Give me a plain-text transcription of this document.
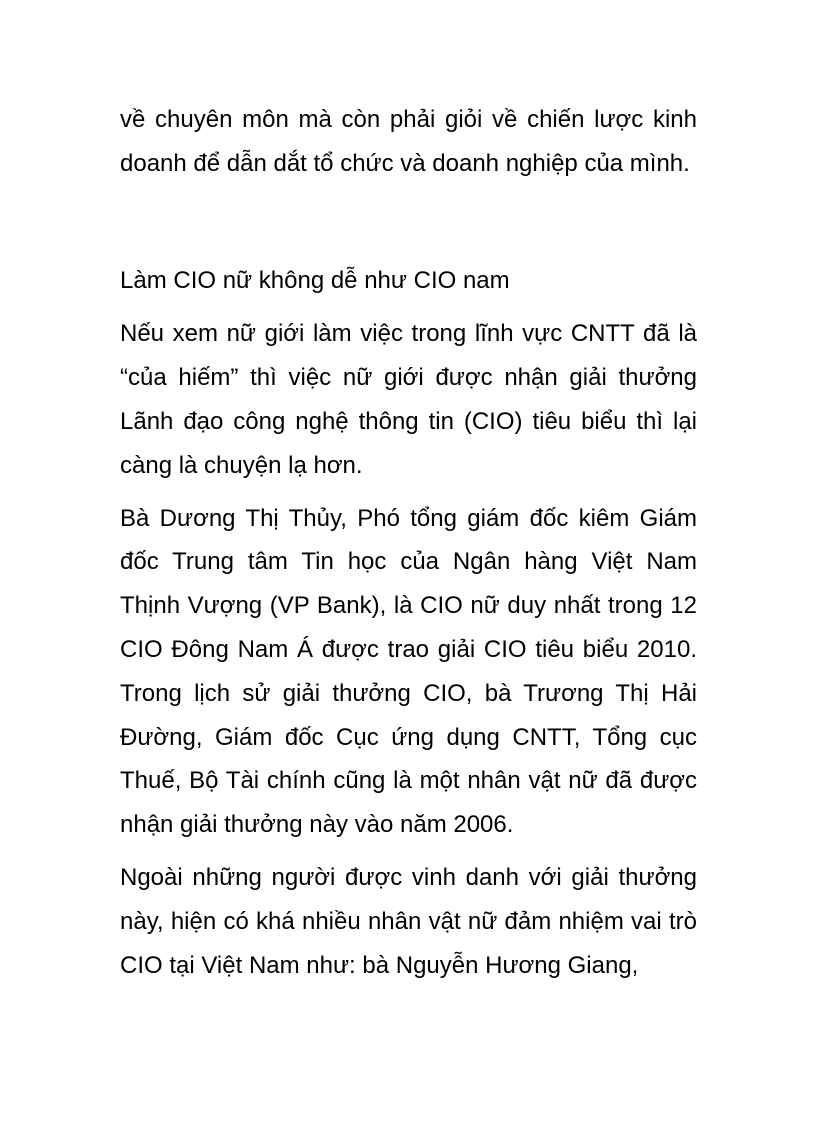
về chuyên môn mà còn phải giỏi về chiến lược kinh doanh để dẫn dắt tổ chức và doanh nghiệp của mình.

Làm CIO nữ không dễ như CIO nam

Nếu xem nữ giới làm việc trong lĩnh vực CNTT đã là “của hiếm” thì việc nữ giới được nhận giải thưởng Lãnh đạo công nghệ thông tin (CIO) tiêu biểu thì lại càng là chuyện lạ hơn.

Bà Dương Thị Thủy, Phó tổng giám đốc kiêm Giám đốc Trung tâm Tin học của Ngân hàng Việt Nam Thịnh Vượng (VP Bank), là CIO nữ duy nhất trong 12 CIO Đông Nam Á được trao giải CIO tiêu biểu 2010. Trong lịch sử giải thưởng CIO, bà Trương Thị Hải Đường, Giám đốc Cục ứng dụng CNTT, Tổng cục Thuế, Bộ Tài chính cũng là một nhân vật nữ đã được nhận giải thưởng này vào năm 2006.

Ngoài những người được vinh danh với giải thưởng này, hiện có khá nhiều nhân vật nữ đảm nhiệm vai trò CIO tại Việt Nam như: bà Nguyễn Hương Giang,
